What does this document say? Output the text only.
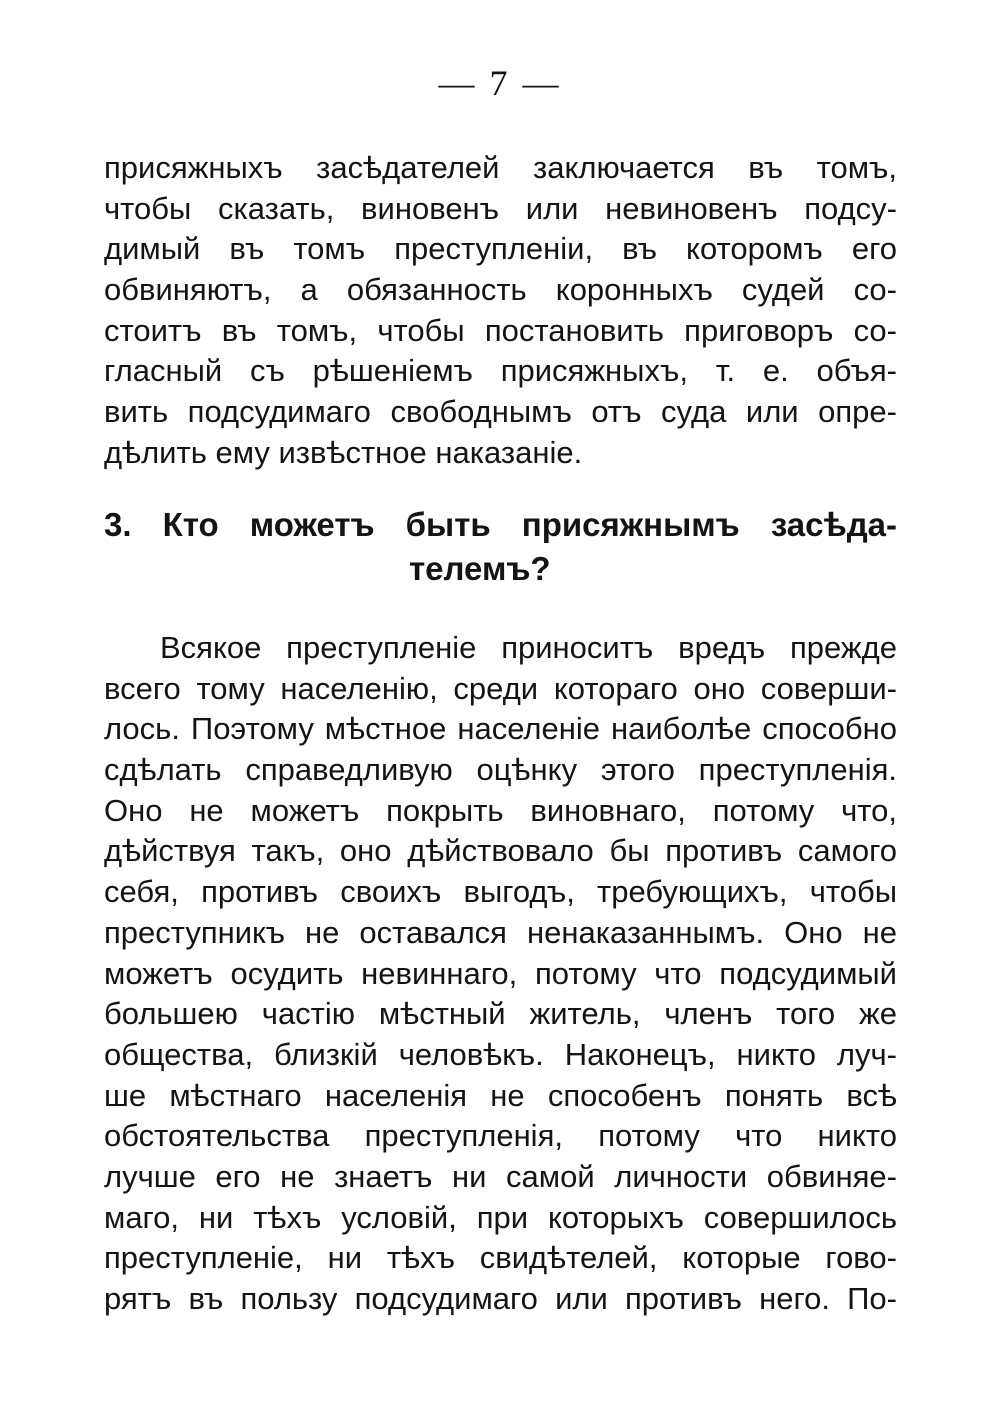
— 7 —
присяжныхъ засѣдателей заключается въ томъ,
чтобы сказать, виновенъ или невиновенъ подсу-
димый въ томъ преступленіи, въ которомъ его
обвиняютъ, а обязанность коронныхъ судей со-
стоитъ въ томъ, чтобы постановить приговоръ со-
гласный съ рѣшеніемъ присяжныхъ, т. е. объя-
вить подсудимаго свободнымъ отъ суда или опре-
дѣлить ему извѣстное наказаніе.
3. Кто можетъ быть присяжнымъ засѣда-
телемъ?
Всякое преступленіе приноситъ вредъ прежде
всего тому населенію, среди котораго оно соверши-
лось. Поэтому мѣстное населеніе наиболѣе способно
сдѣлать справедливую оцѣнку этого преступленія.
Оно не можетъ покрыть виновнаго, потому что,
дѣйствуя такъ, оно дѣйствовало бы противъ самого
себя, противъ своихъ выгодъ, требующихъ, чтобы
преступникъ не оставался ненаказаннымъ. Оно не
можетъ осудить невиннаго, потому что подсудимый
большею частію мѣстный житель, членъ того же
общества, близкій человѣкъ. Наконецъ, никто луч-
ше мѣстнаго населенія не способенъ понять всѣ
обстоятельства преступленія, потому что никто
лучше его не знаетъ ни самой личности обвиняе-
маго, ни тѣхъ условій, при которыхъ совершилось
преступленіе, ни тѣхъ свидѣтелей, которые гово-
рятъ въ пользу подсудимаго или противъ него. По-
